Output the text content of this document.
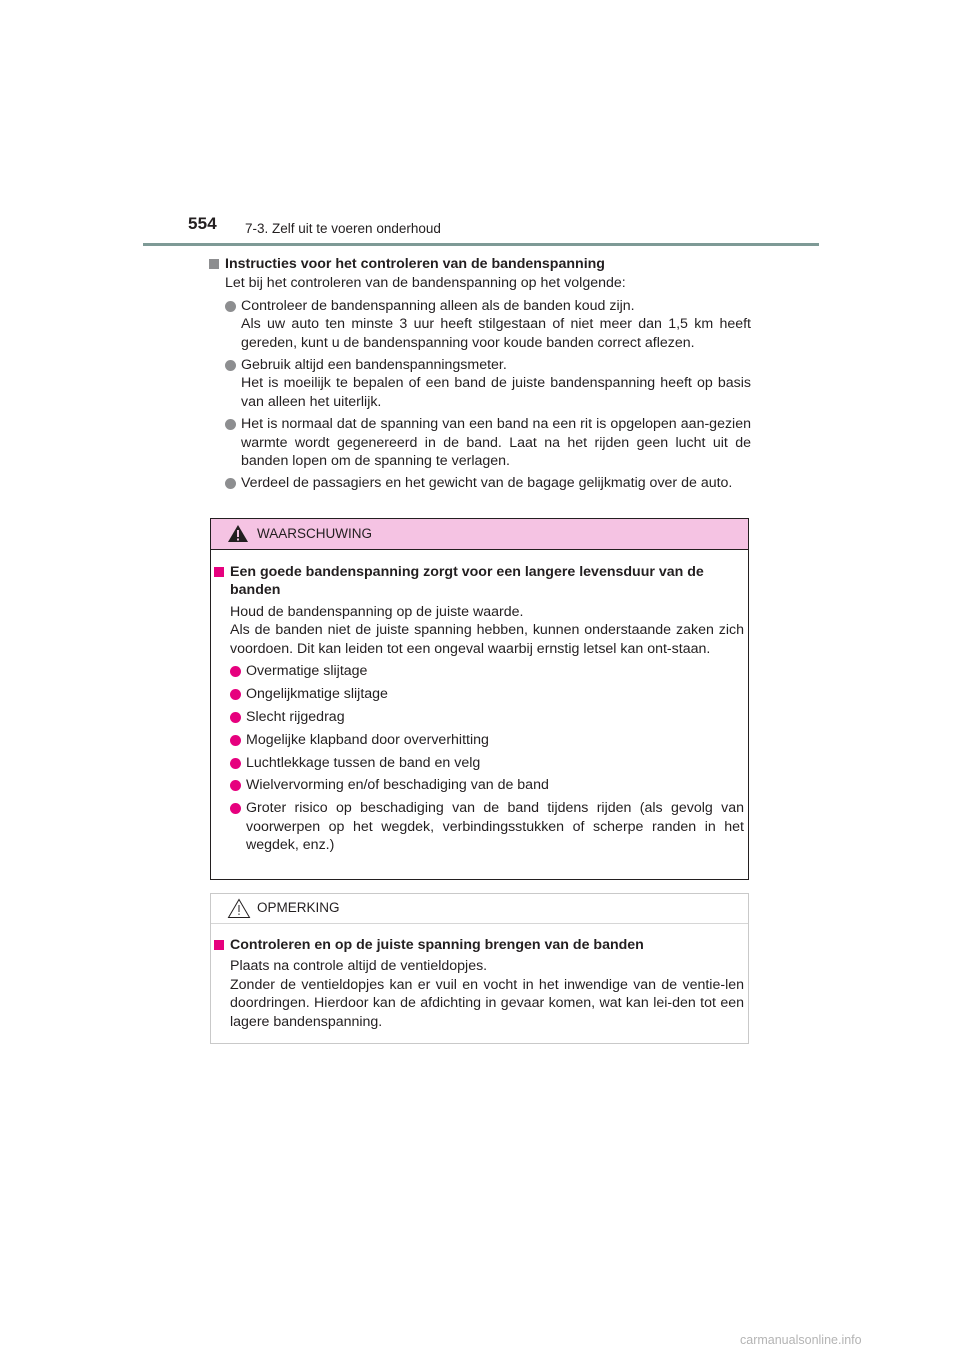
554 7-3. Zelf uit te voeren onderhoud
Instructies voor het controleren van de bandenspanning

Let bij het controleren van de bandenspanning op het volgende:

Controleer de bandenspanning alleen als de banden koud zijn.

Als uw auto ten minste 3 uur heeft stilgestaan of niet meer dan 1,5 km heeft gereden, kunt u de bandenspanning voor koude banden correct aflezen.

Gebruik altijd een bandenspanningsmeter.

Het is moeilijk te bepalen of een band de juiste bandenspanning heeft op basis van alleen het uiterlijk.

Het is normaal dat de spanning van een band na een rit is opgelopen aan-gezien warmte wordt gegenereerd in de band. Laat na het rijden geen lucht uit de banden lopen om de spanning te verlagen.

Verdeel de passagiers en het gewicht van de bagage gelijkmatig over de auto.

WAARSCHUWING
Een goede bandenspanning zorgt voor een langere levensduur van de banden

Houd de bandenspanning op de juiste waarde.

Als de banden niet de juiste spanning hebben, kunnen onderstaande zaken zich voordoen. Dit kan leiden tot een ongeval waarbij ernstig letsel kan ont-staan.

Overmatige slijtage
Ongelijkmatige slijtage
Slecht rijgedrag
Mogelijke klapband door oververhitting
Luchtlekkage tussen de band en velg
Wielvervorming en/of beschadiging van de band
Groter risico op beschadiging van de band tijdens rijden (als gevolg van voorwerpen op het wegdek, verbindingsstukken of scherpe randen in het wegdek, enz.)
OPMERKING
Controleren en op de juiste spanning brengen van de banden

Plaats na controle altijd de ventieldopjes.

Zonder de ventieldopjes kan er vuil en vocht in het inwendige van de ventie-len doordringen. Hierdoor kan de afdichting in gevaar komen, wat kan lei-den tot een lagere bandenspanning.

carmanualsonline.info
